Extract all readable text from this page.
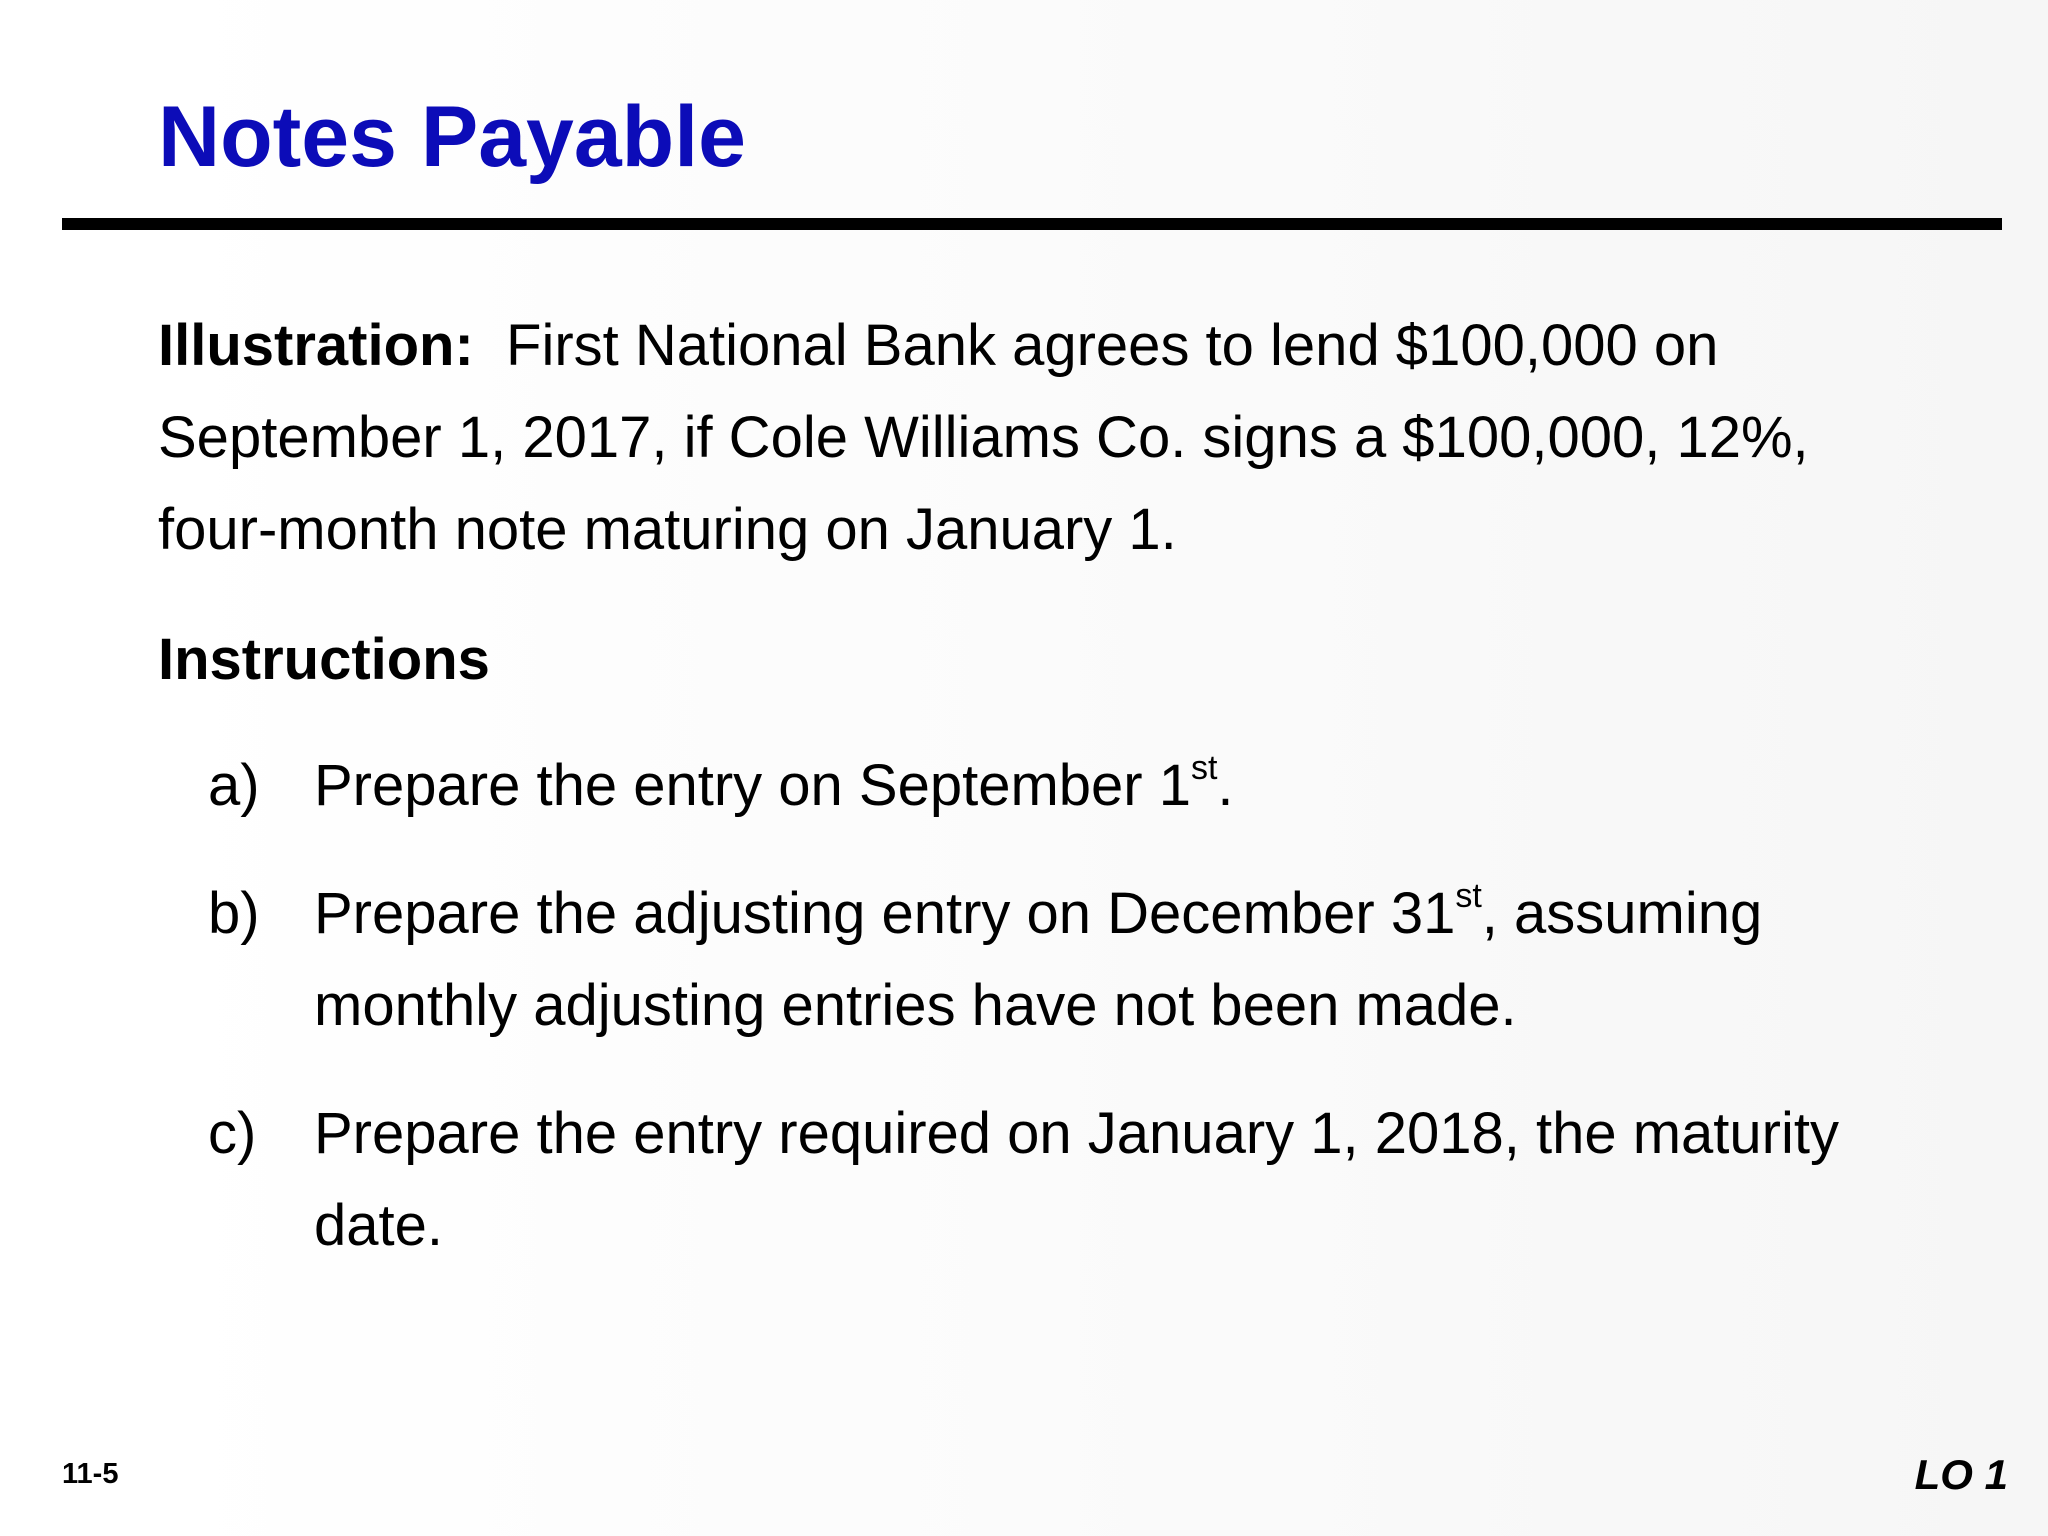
Notes Payable

Illustration: First National Bank agrees to lend $100,000 on September 1, 2017, if Cole Williams Co. signs a $100,000, 12%, four-month note maturing on January 1.

Instructions
a) Prepare the entry on September 1st.
b) Prepare the adjusting entry on December 31st, assuming monthly adjusting entries have not been made.
c) Prepare the entry required on January 1, 2018, the maturity date.
11-5	LO 1
